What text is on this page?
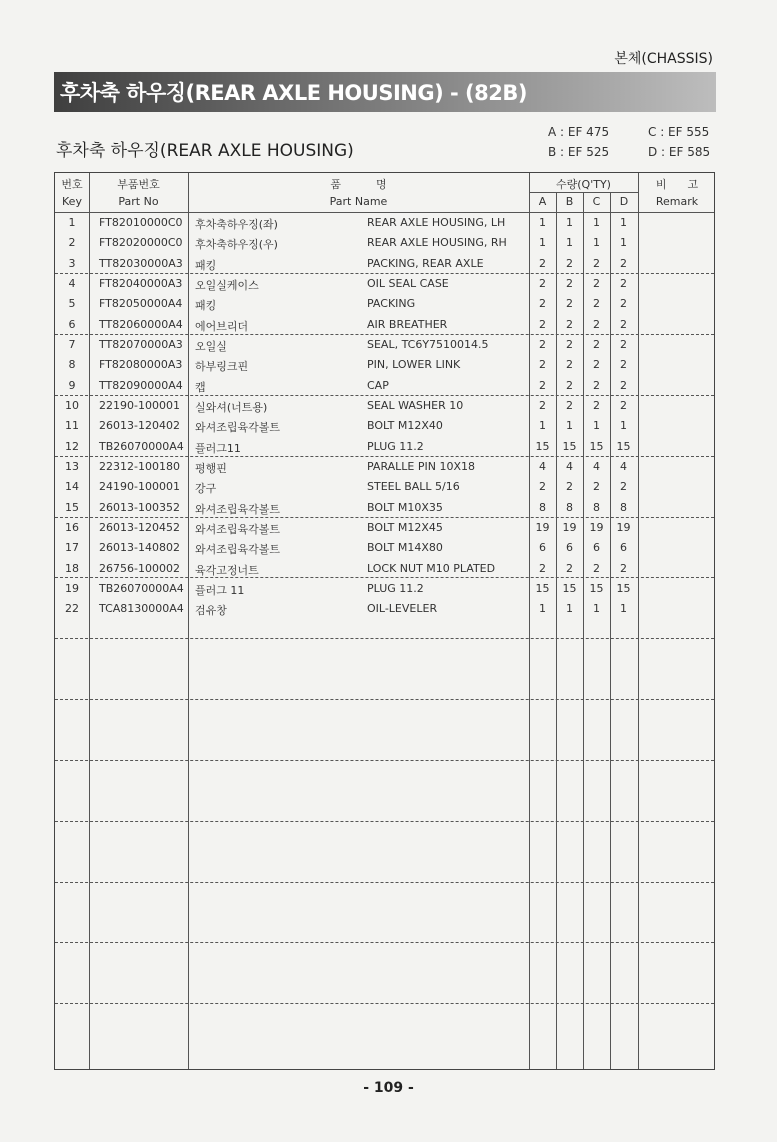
본체(CHASSIS)
후차축 하우징(REAR AXLE HOUSING) - (82B)
후차축 하우징(REAR AXLE HOUSING)
A : EF 475
B : EF 525
C : EF 555
D : EF 585
번호
Key
부품번호
Part No
품          명
Part Name
수량(Q'TY)
A	B	C	D
비      고
Remark
1	FT82010000C0 후차축하우징(좌)	REAR AXLE HOUSING, LH	1	1	1	1
2	FT82020000C0 후차축하우징(우)	REAR AXLE HOUSING, RH	1	1	1	1
3	TT82030000A3 패킹	PACKING, REAR AXLE	2	2	2	2
4	FT82040000A3 오일실케이스	OIL SEAL CASE	2	2	2	2
5	FT82050000A4 패킹	PACKING	2	2	2	2
6	TT82060000A4 에어브리더	AIR BREATHER	2	2	2	2
7	TT82070000A3 오일실	SEAL, TC6Y7510014.5	2	2	2	2
8	FT82080000A3 하부링크핀	PIN, LOWER LINK	2	2	2	2
9	TT82090000A4 캡	CAP	2	2	2	2
10	22190-100001 실와셔(너트용)	SEAL WASHER 10	2	2	2	2
11	26013-120402 와셔조립육각볼트	BOLT M12X40	1	1	1	1
12	TB26070000A4 플러그11	PLUG 11.2	15	15	15	15
13	22312-100180 평행핀	PARALLE PIN 10X18	4	4	4	4
14	24190-100001 강구	STEEL BALL 5/16	2	2	2	2
15	26013-100352 와셔조립육각볼트	BOLT M10X35	8	8	8	8
16	26013-120452 와셔조립육각볼트	BOLT M12X45	19	19	19	19
17	26013-140802 와셔조립육각볼트	BOLT M14X80	6	6	6	6
18	26756-100002 육각고정너트	LOCK NUT M10 PLATED	2	2	2	2
19	TB26070000A4 플러그 11	PLUG 11.2	15	15	15	15
22	TCA8130000A4 검유창	OIL-LEVELER	1	1	1	1
- 109 -
